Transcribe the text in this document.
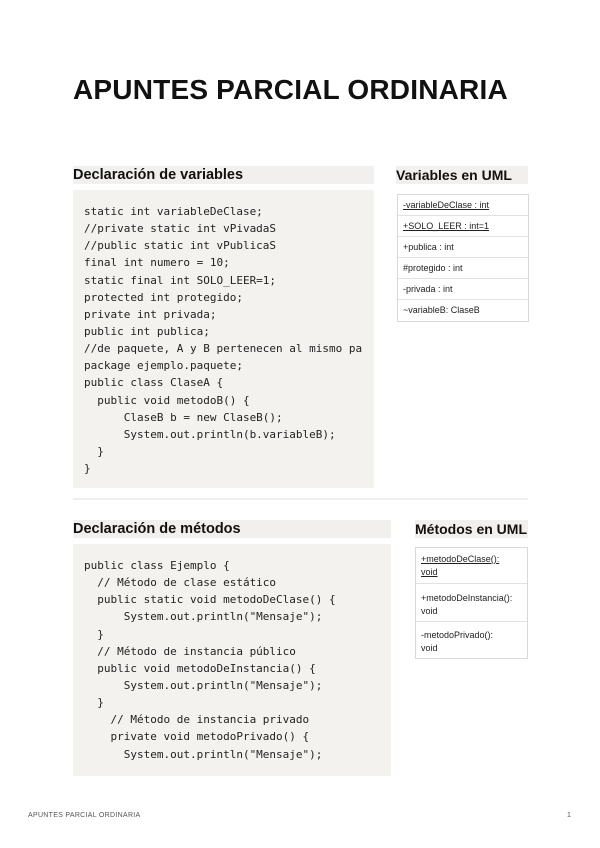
APUNTES PARCIAL ORDINARIA
Declaración de variables
static int variableDeClase;
//private static int vPivadaS
//public static int vPublicaS
final int numero = 10;
static final int SOLO_LEER=1;
protected int protegido;
private int privada;
public int publica;
//de paquete, A y B pertenecen al mismo pa
package ejemplo.paquete;
public class ClaseA {
public void metodoB() {
ClaseB b = new ClaseB();
System.out.println(b.variableB);
}
}
Variables en UML
-variableDeClase : int
+SOLO_LEER : int=1
+publica : int
#protegido : int
-privada : int
~variableB: ClaseB
Declaración de métodos
public class Ejemplo {
// Método de clase estático
public static void metodoDeClase() {
System.out.println("Mensaje");
}
// Método de instancia público
public void metodoDeInstancia() {
System.out.println("Mensaje");
}
// Método de instancia privado
private void metodoPrivado() {
System.out.println("Mensaje");
Métodos en UML
+metodoDeClase():
void
+metodoDeInstancia():
void
-metodoPrivado():
void
APUNTES PARCIAL ORDINARIA	1
